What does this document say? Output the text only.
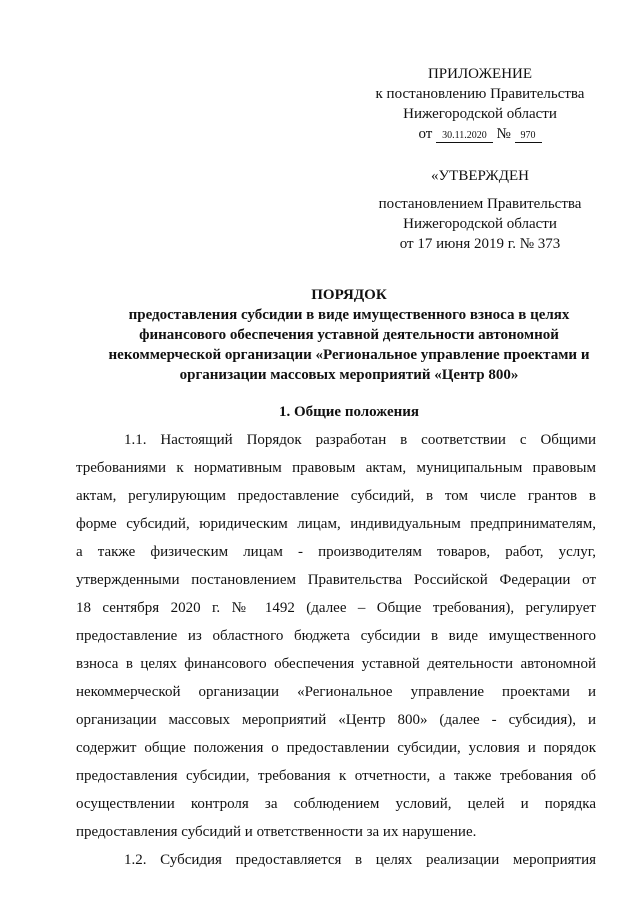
ПРИЛОЖЕНИЕ
к постановлению Правительства
Нижегородской области
от 30.11.2020 № 970
«УТВЕРЖДЕН
постановлением Правительства
Нижегородской области
от 17 июня 2019 г. № 373
ПОРЯДОК
предоставления субсидии в виде имущественного взноса в целях
финансового обеспечения уставной деятельности автономной
некоммерческой организации «Региональное управление проектами и
организации массовых мероприятий «Центр 800»
1. Общие положения
1.1. Настоящий Порядок разработан в соответствии с Общими
требованиями к нормативным правовым актам, муниципальным правовым
актам, регулирующим предоставление субсидий, в том числе грантов в
форме субсидий, юридическим лицам, индивидуальным предпринимателям,
а также физическим лицам - производителям товаров, работ, услуг,
утвержденными постановлением Правительства Российской Федерации от
18 сентября 2020 г. № 1492 (далее – Общие требования), регулирует
предоставление из областного бюджета субсидии в виде имущественного
взноса в целях финансового обеспечения уставной деятельности автономной
некоммерческой организации «Региональное управление проектами и
организации массовых мероприятий «Центр 800» (далее - субсидия), и
содержит общие положения о предоставлении субсидии, условия и порядок
предоставления субсидии, требования к отчетности, а также требования об
осуществлении контроля за соблюдением условий, целей и порядка
предоставления субсидий и ответственности за их нарушение.
1.2. Субсидия предоставляется в целях реализации мероприятия
